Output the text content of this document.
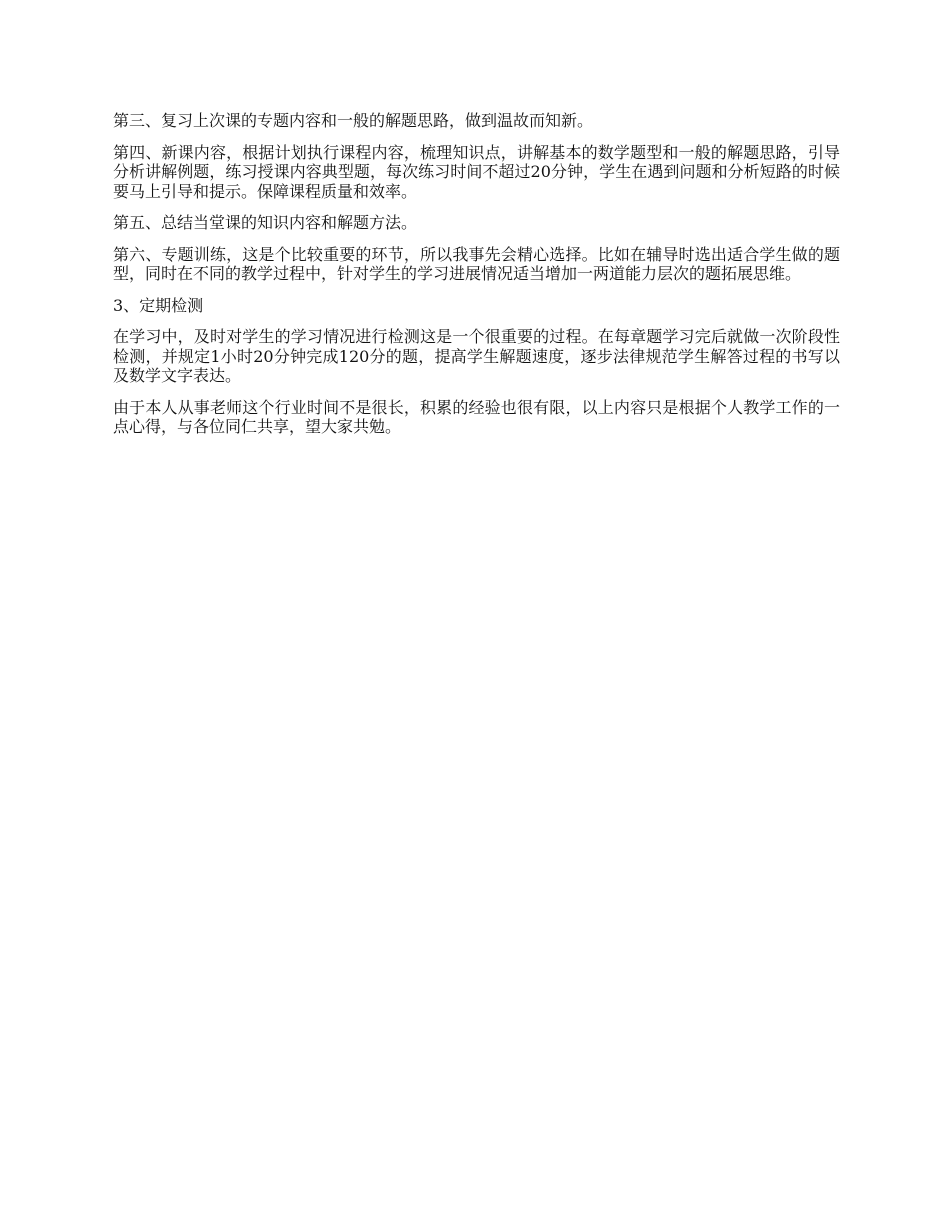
第三、复习上次课的专题内容和一般的解题思路，做到温故而知新。

第四、新课内容，根据计划执行课程内容，梳理知识点，讲解基本的数学题型和一般的解题思路，引导分析讲解例题，练习授课内容典型题，每次练习时间不超过20分钟，学生在遇到问题和分析短路的时候要马上引导和提示。保障课程质量和效率。

第五、总结当堂课的知识内容和解题方法。

第六、专题训练，这是个比较重要的环节，所以我事先会精心选择。比如在辅导时选出适合学生做的题型，同时在不同的教学过程中，针对学生的学习进展情况适当增加一两道能力层次的题拓展思维。

3、定期检测

在学习中，及时对学生的学习情况进行检测这是一个很重要的过程。在每章题学习完后就做一次阶段性检测，并规定1小时20分钟完成120分的题，提高学生解题速度，逐步法律规范学生解答过程的书写以及数学文字表达。

由于本人从事老师这个行业时间不是很长，积累的经验也很有限，以上内容只是根据个人教学工作的一点心得，与各位同仁共享，望大家共勉。
